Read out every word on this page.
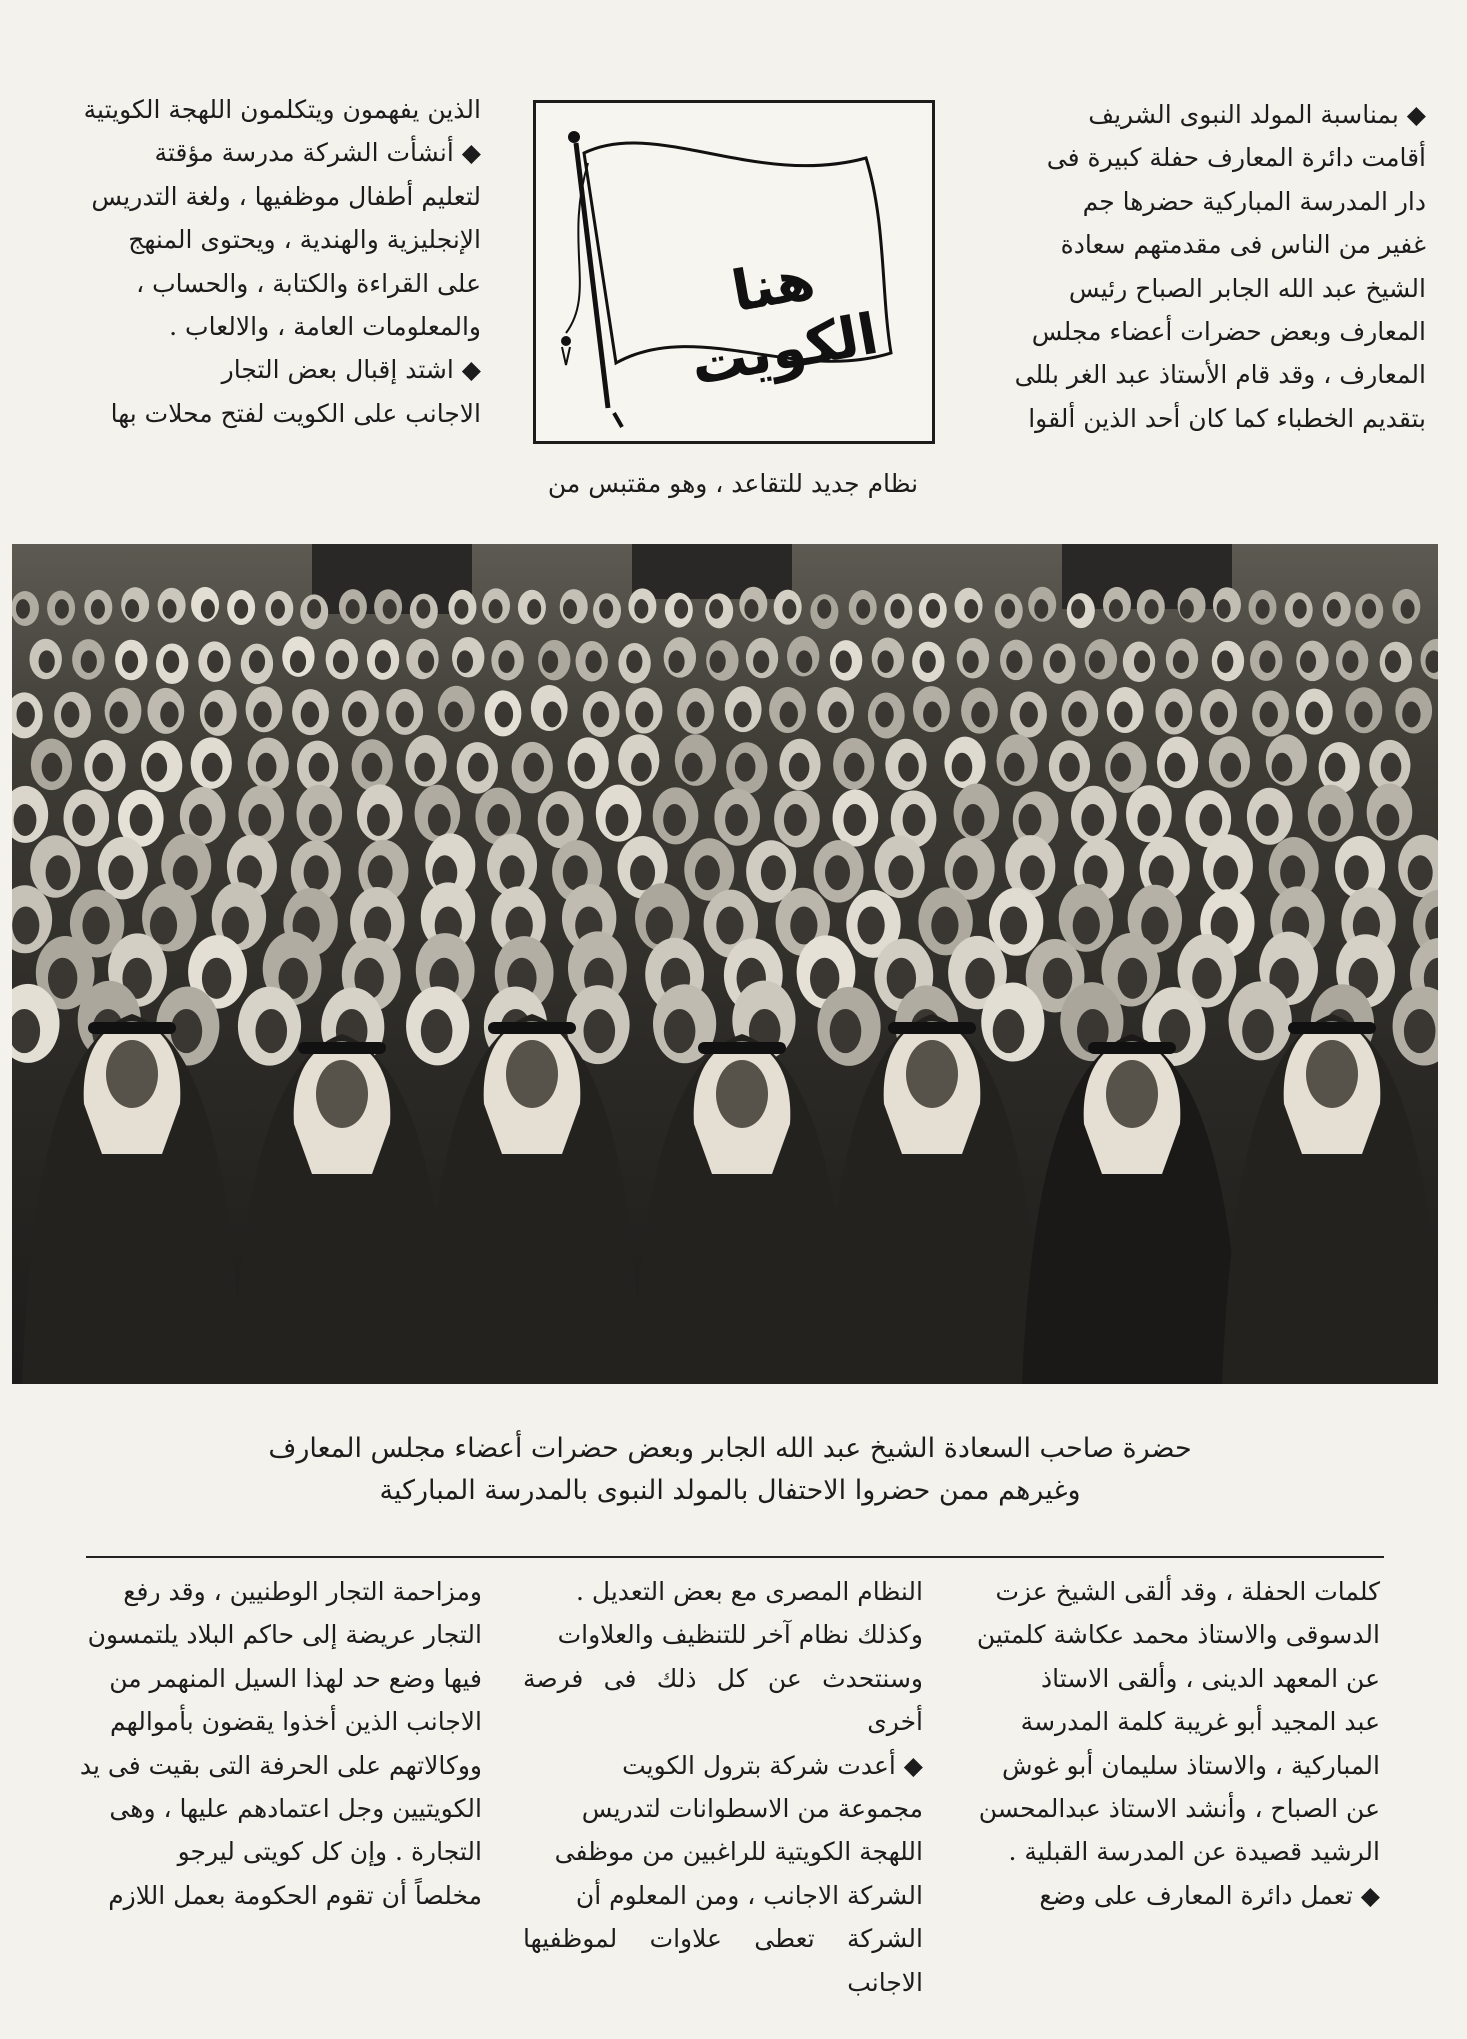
◆ بمناسبة المولد النبوى الشريف

أقامت دائرة المعارف حفلة كبيرة فى

دار المدرسة المباركية حضرها جم

غفير من الناس فى مقدمتهم سعادة

الشيخ عبد الله الجابر الصباح رئيس

المعارف وبعض حضرات أعضاء مجلس

المعارف ، وقد قام الأستاذ عبد الغر بللى

بتقديم الخطباء كما كان أحد الذين ألقوا

هنا الكويت

الذين يفهمون ويتكلمون اللهجة الكويتية

◆ أنشأت الشركة مدرسة مؤقتة

لتعليم أطفال موظفيها ، ولغة التدريس

الإنجليزية والهندية ، ويحتوى المنهج

على القراءة والكتابة ، والحساب ،

والمعلومات العامة ، والالعاب .

◆ اشتد إقبال بعض التجار

الاجانب على الكويت لفتح محلات بها

نظام جديد للتقاعد ، وهو مقتبس من

حضرة صاحب السعادة الشيخ عبد الله الجابر وبعض حضرات أعضاء مجلس المعارف

وغيرهم ممن حضروا الاحتفال بالمولد النبوى بالمدرسة المباركية

كلمات الحفلة ، وقد ألقى الشيخ عزت

الدسوقى والاستاذ محمد عكاشة كلمتين

عن المعهد الدينى ، وألقى الاستاذ

عبد المجيد أبو غريبة كلمة المدرسة

المباركية ، والاستاذ سليمان أبو غوش

عن الصباح ، وأنشد الاستاذ عبدالمحسن

الرشيد قصيدة عن المدرسة القبلية .

◆ تعمل دائرة المعارف على وضع

النظام المصرى مع بعض التعديل .

وكذلك نظام آخر للتنظيف والعلاوات

وسنتحدث عن كل ذلك فى فرصة أخرى

◆ أعدت شركة بترول الكويت

مجموعة من الاسطوانات لتدريس

اللهجة الكويتية للراغبين من موظفى

الشركة الاجانب ، ومن المعلوم أن

الشركة تعطى علاوات لموظفيها الاجانب

ومزاحمة التجار الوطنيين ، وقد رفع

التجار عريضة إلى حاكم البلاد يلتمسون

فيها وضع حد لهذا السيل المنهمر من

الاجانب الذين أخذوا يقضون بأموالهم

ووكالاتهم على الحرفة التى بقيت فى يد

الكويتيين وجل اعتمادهم عليها ، وهى

التجارة . وإن كل كويتى ليرجو

مخلصاً أن تقوم الحكومة بعمل اللازم
